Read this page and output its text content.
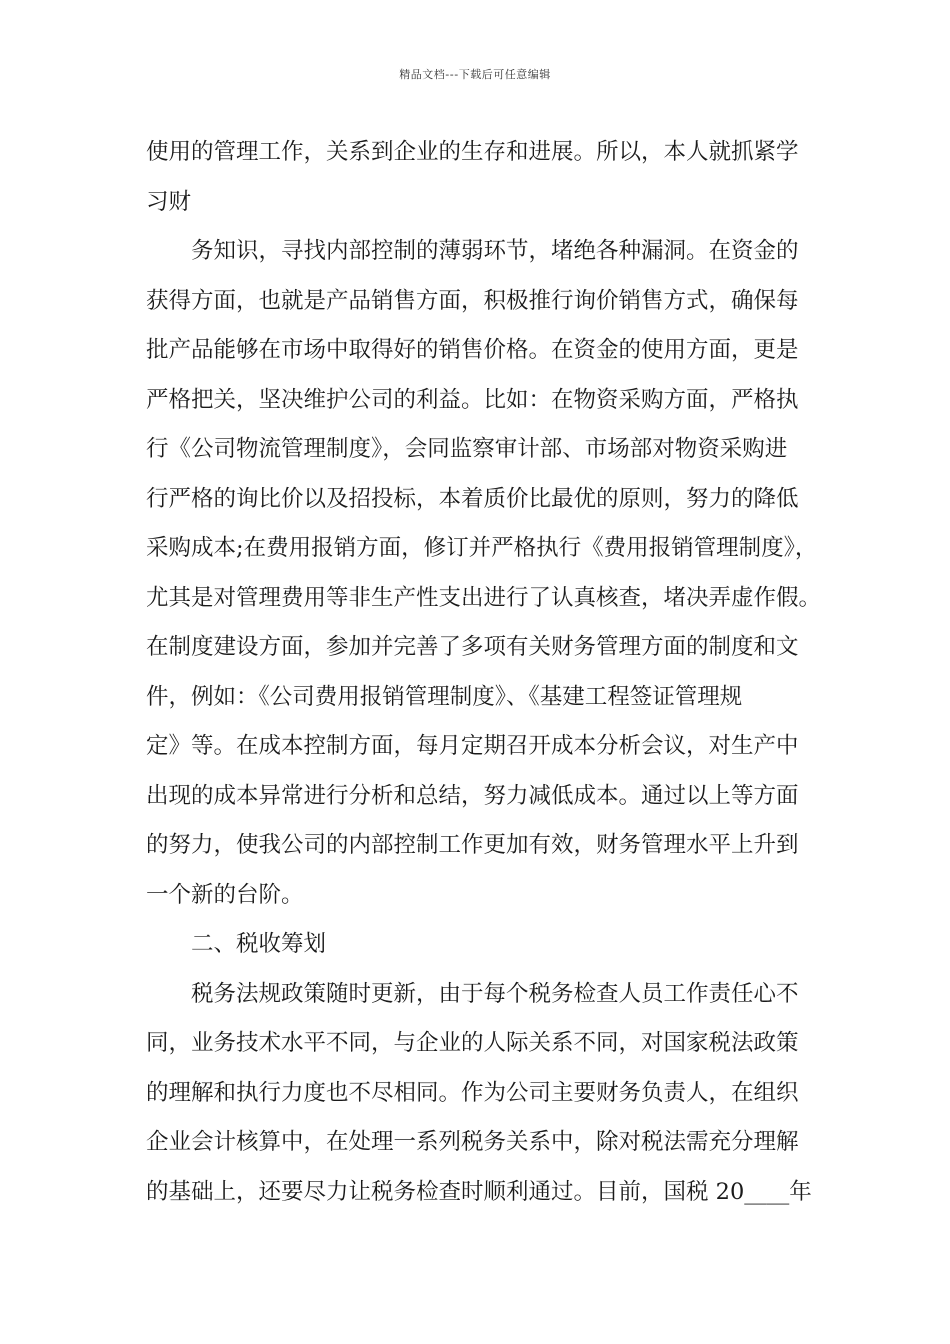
精品文档---下载后可任意编辑
使用的管理工作，关系到企业的生存和进展。所以，本人就抓紧学
习财
务知识，寻找内部控制的薄弱环节，堵绝各种漏洞。在资金的
获得方面，也就是产品销售方面，积极推行询价销售方式，确保每
批产品能够在市场中取得好的销售价格。在资金的使用方面，更是
严格把关，坚决维护公司的利益。比如：在物资采购方面，严格执
行《公司物流管理制度》，会同监察审计部、市场部对物资采购进
行严格的询比价以及招投标，本着质价比最优的原则，努力的降低
采购成本;在费用报销方面，修订并严格执行《费用报销管理制度》，
尤其是对管理费用等非生产性支出进行了认真核查，堵决弄虚作假。
在制度建设方面，参加并完善了多项有关财务管理方面的制度和文
件，例如：《公司费用报销管理制度》、《基建工程签证管理规
定》等。在成本控制方面，每月定期召开成本分析会议，对生产中
出现的成本异常进行分析和总结，努力减低成本。通过以上等方面
的努力，使我公司的内部控制工作更加有效，财务管理水平上升到
一个新的台阶。
二、税收筹划
税务法规政策随时更新，由于每个税务检查人员工作责任心不
同，业务技术水平不同，与企业的人际关系不同，对国家税法政策
的理解和执行力度也不尽相同。作为公司主要财务负责人，在组织
企业会计核算中，在处理一系列税务关系中，除对税法需充分理解
的基础上，还要尽力让税务检查时顺利通过。目前，国税 20____年
